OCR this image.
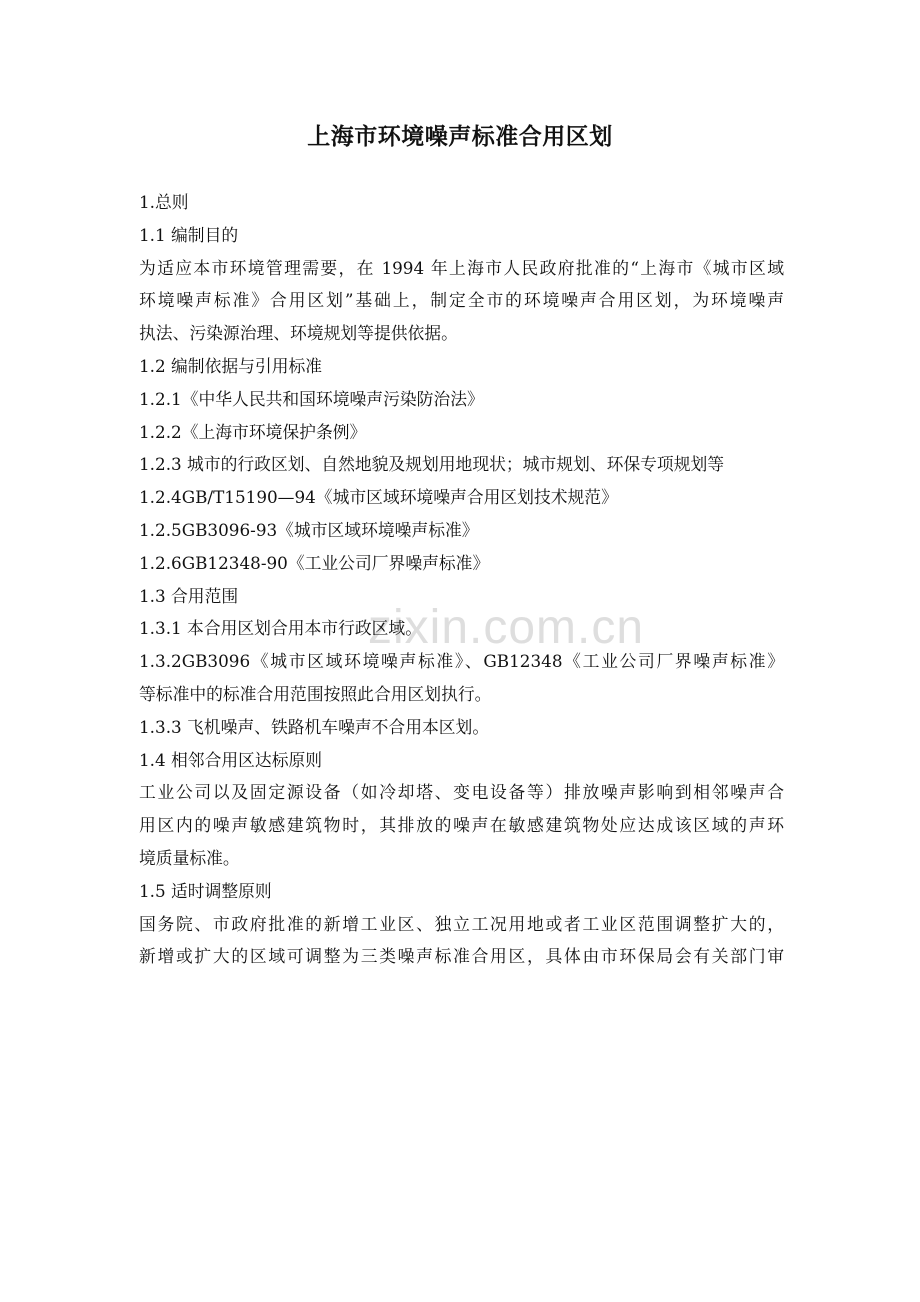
上海市环境噪声标准合用区划
zixin.com.cn
1.总则
1.1 编制目的
为适应本市环境管理需要，在 1994 年上海市人民政府批准的“上海市《城市区域
环境噪声标准》合用区划”基础上，制定全市的环境噪声合用区划，为环境噪声
执法、污染源治理、环境规划等提供依据。
1.2 编制依据与引用标准
1.2.1《中华人民共和国环境噪声污染防治法》
1.2.2《上海市环境保护条例》
1.2.3 城市的行政区划、自然地貌及规划用地现状；城市规划、环保专项规划等
1.2.4GB/T15190—94《城市区域环境噪声合用区划技术规范》
1.2.5GB3096-93《城市区域环境噪声标准》
1.2.6GB12348-90《工业公司厂界噪声标准》
1.3 合用范围
1.3.1 本合用区划合用本市行政区域。
1.3.2GB3096《城市区域环境噪声标准》、GB12348《工业公司厂界噪声标准》
等标准中的标准合用范围按照此合用区划执行。
1.3.3 飞机噪声、铁路机车噪声不合用本区划。
1.4 相邻合用区达标原则
工业公司以及固定源设备（如冷却塔、变电设备等）排放噪声影响到相邻噪声合
用区内的噪声敏感建筑物时，其排放的噪声在敏感建筑物处应达成该区域的声环
境质量标准。
1.5 适时调整原则
国务院、市政府批准的新增工业区、独立工况用地或者工业区范围调整扩大的，
新增或扩大的区域可调整为三类噪声标准合用区，具体由市环保局会有关部门审
